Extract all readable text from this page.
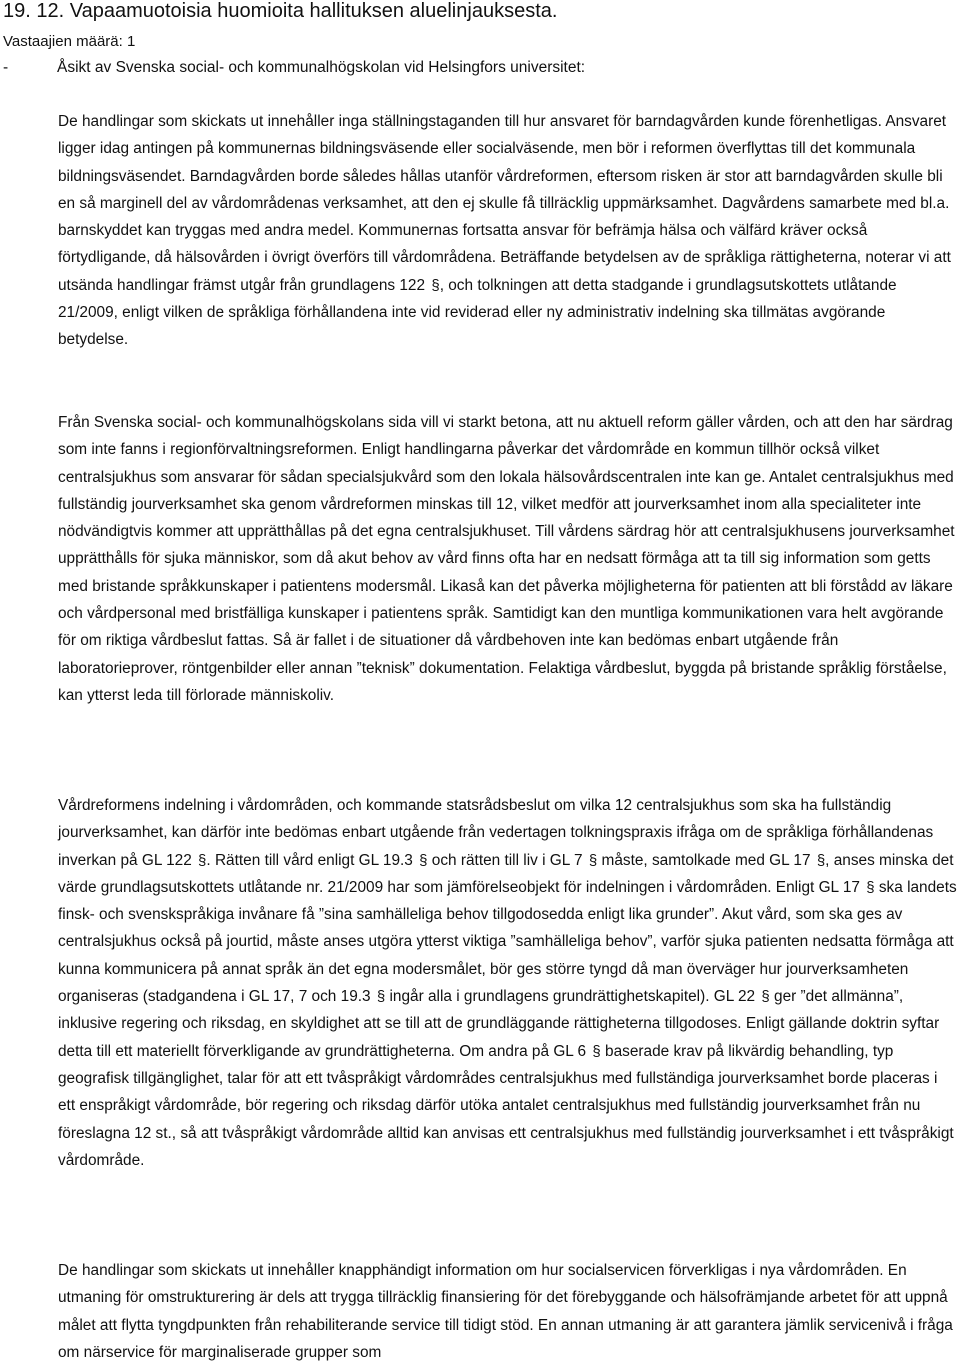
19. 12. Vapaamuotoisia huomioita hallituksen aluelinjauksesta.
Vastaajien määrä: 1
-	Åsikt av Svenska social- och kommunalhögskolan vid Helsingfors universitet:

De handlingar som skickats ut innehåller inga ställningstaganden till hur ansvaret för barndagvården kunde förenhetligas. Ansvaret ligger idag antingen på kommunernas bildningsväsende eller socialväsende, men bör i reformen överflyttas till det kommunala bildningsväsendet. Barndagvården borde således hållas utanför vårdreformen, eftersom risken är stor att barndagvården skulle bli en så marginell del av vårdområdenas verksamhet, att den ej skulle få tillräcklig uppmärksamhet. Dagvårdens samarbete med bl.a. barnskyddet kan tryggas med andra medel. Kommunernas fortsatta ansvar för befrämja hälsa och välfärd kräver också förtydligande, då hälsovården i övrigt överförs till vårdområdena. Beträffande betydelsen av de språkliga rättigheterna, noterar vi att utsända handlingar främst utgår från grundlagens 122 § , och tolkningen att detta stadgande i grundlagsutskottets utlåtande 21/2009, enligt vilken de språkliga förhållandena inte vid reviderad eller ny administrativ indelning ska tillmätas avgörande betydelse.

Från Svenska social- och kommunalhögskolans sida vill vi starkt betona, att nu aktuell reform gäller vården, och att den har särdrag som inte fanns i regionförvaltningsreformen. Enligt handlingarna påverkar det vårdområde en kommun tillhör också vilket centralsjukhus som ansvarar för sådan specialsjukvård som den lokala hälsovårdscentralen inte kan ge. Antalet centralsjukhus med fullständig jourverksamhet ska genom vårdreformen minskas till 12, vilket medför att jourverksamhet inom alla specialiteter inte nödvändigtvis kommer att upprätthållas på det egna centralsjukhuset. Till vårdens särdrag hör att centralsjukhusens jourverksamhet upprätthålls för sjuka människor, som då akut behov av vård finns ofta har en nedsatt förmåga att ta till sig information som getts med bristande språkkunskaper i patientens modersmål. Likaså kan det påverka möjligheterna för patienten att bli förstådd av läkare och vårdpersonal med bristfälliga kunskaper i patientens språk. Samtidigt kan den muntliga kommunikationen vara helt avgörande för om riktiga vårdbeslut fattas. Så är fallet i de situationer då vårdbehoven inte kan bedömas enbart utgående från laboratorieprover, röntgenbilder eller annan ”teknisk” dokumentation. Felaktiga vårdbeslut, byggda på bristande språklig förståelse, kan ytterst leda till förlorade människoliv.

Vårdreformens indelning i vårdområden, och kommande statsrådsbeslut om vilka 12 centralsjukhus som ska ha fullständig jourverksamhet, kan därför inte bedömas enbart utgående från vedertagen tolkningspraxis ifråga om de språkliga förhållandenas inverkan på GL 122 § . Rätten till vård enligt GL 19.3 § och rätten till liv i GL 7 § måste, samtolkade med GL 17 § , anses minska det värde grundlagsutskottets utlåtande nr. 21/2009 har som jämförelseobjekt för indelningen i vårdområden. Enligt GL 17 § ska landets finsk- och svenskspråkiga invånare få ”sina samhälleliga behov tillgodosedda enligt lika grunder”. Akut vård, som ska ges av centralsjukhus också på jourtid, måste anses utgöra ytterst viktiga ”samhälleliga behov”, varför sjuka patienten nedsatta förmåga att kunna kommunicera på annat språk än det egna modersmålet, bör ges större tyngd då man överväger hur jourverksamheten organiseras (stadgandena i GL 17, 7 och 19.3 § ingår alla i grundlagens grundrättighetskapitel). GL 22 § ger ”det allmänna”, inklusive regering och riksdag, en skyldighet att se till att de grundläggande rättigheterna tillgodoses. Enligt gällande doktrin syftar detta till ett materiellt förverkligande av grundrättigheterna. Om andra på GL 6 § baserade krav på likvärdig behandling, typ geografisk tillgänglighet, talar för att ett tvåspråkigt vårdområdes centralsjukhus med fullständiga jourverksamhet borde placeras i ett enspråkigt vårdområde, bör regering och riksdag därför utöka antalet centralsjukhus med fullständig jourverksamhet från nu föreslagna 12 st., så att tvåspråkigt vårdområde alltid kan anvisas ett centralsjukhus med fullständig jourverksamhet i ett tvåspråkigt vårdområde.

De handlingar som skickats ut innehåller knapphändigt information om hur socialservicen förverkligas i nya vårdområden. En utmaning för omstrukturering är dels att trygga tillräcklig finansiering för det förebyggande och hälsofrämjande arbetet för att uppnå målet att flytta tyngdpunkten från rehabiliterande service till tidigt stöd. En annan utmaning är att garantera jämlik servicenivå i fråga om närservice för marginaliserade grupper som
